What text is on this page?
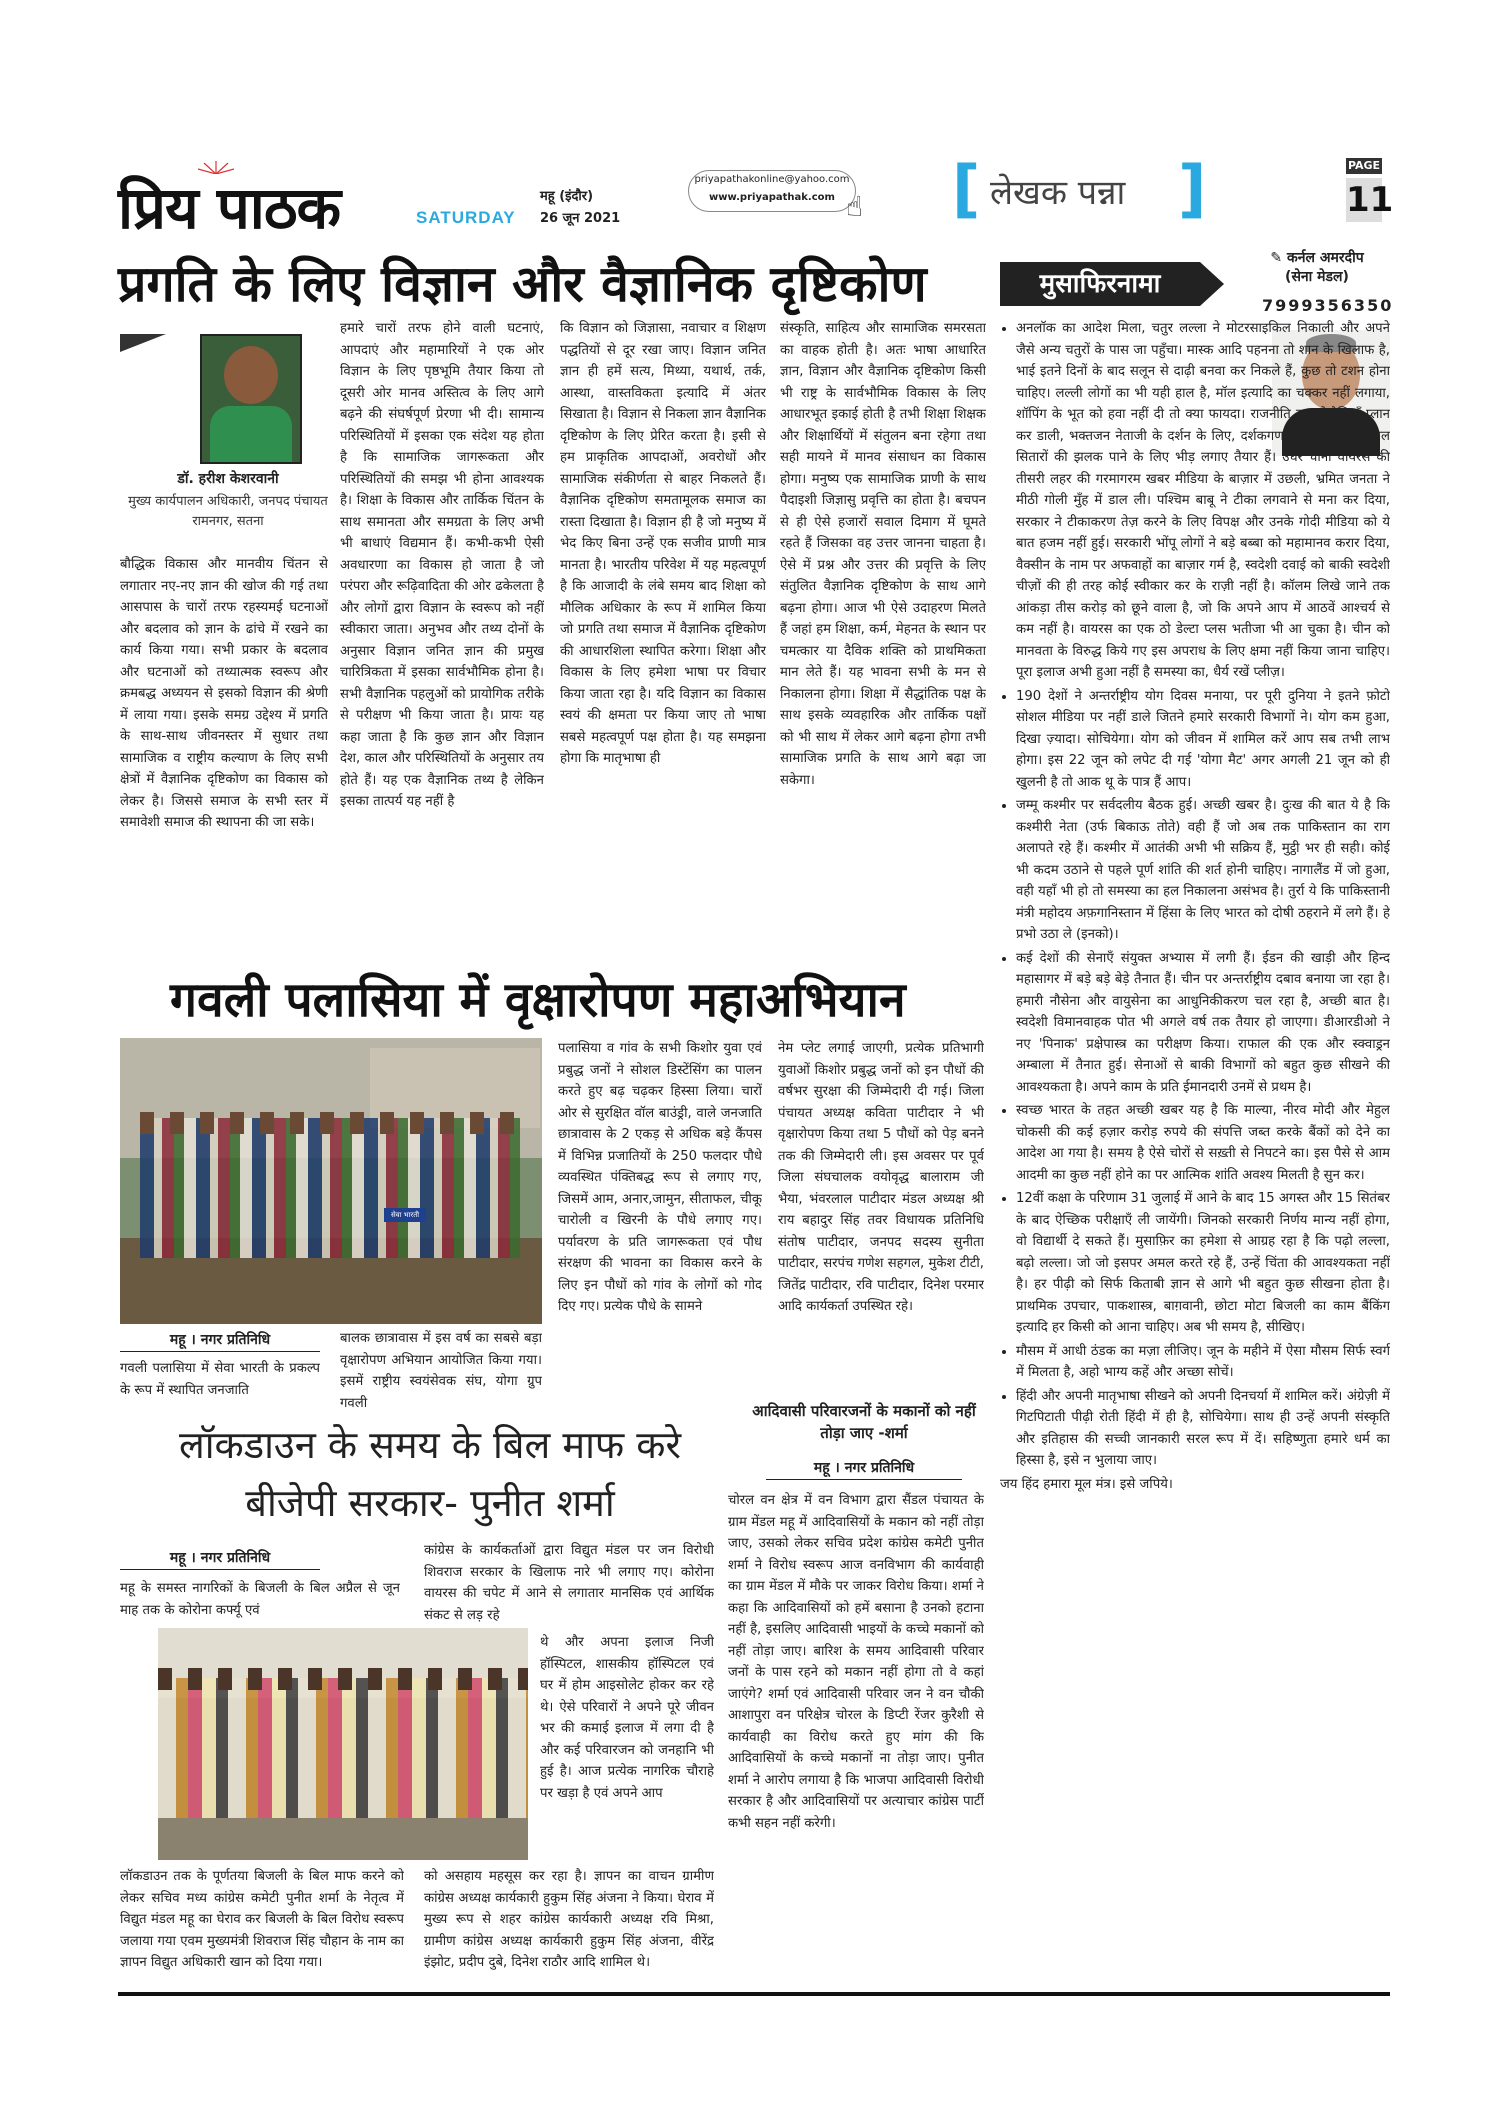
प्रिय पाठक	SATURDAY
महू (इंदौर)
26 जून 2021
priyapathakonline@yahoo.com
www.priyapathak.com ☝ [ लेखक पन्ना ]	PAGE
11
प्रगति के लिए विज्ञान और वैज्ञानिक दृष्टिकोण
डॉ. हरीश केशरवानी
मुख्य कार्यपालन अधिकारी, जनपद पंचायत रामनगर, सतना
बौद्धिक विकास और मानवीय चिंतन से लगातार नए-नए ज्ञान की खोज की गई तथा आसपास के चारों तरफ रहस्यमई घटनाओं और बदलाव को ज्ञान के ढांचे में रखने का कार्य किया गया। सभी प्रकार के बदलाव और घटनाओं को तथ्यात्मक स्वरूप और क्रमबद्ध अध्ययन से इसको विज्ञान की श्रेणी में लाया गया। इसके समग्र उद्देश्य में प्रगति के साथ-साथ जीवनस्तर में सुधार तथा सामाजिक व राष्ट्रीय कल्याण के लिए सभी क्षेत्रों में वैज्ञानिक दृष्टिकोण का विकास को लेकर है। जिससे समाज के सभी स्तर में समावेशी समाज की स्थापना की जा सके।
हमारे चारों तरफ होने वाली घटनाएं, आपदाएं और महामारियों ने एक ओर विज्ञान के लिए पृष्ठभूमि तैयार किया तो दूसरी ओर मानव अस्तित्व के लिए आगे बढ़ने की संघर्षपूर्ण प्रेरणा भी दी। सामान्य परिस्थितियों में इसका एक संदेश यह होता है कि सामाजिक जागरूकता और परिस्थितियों की समझ भी होना आवश्यक है। शिक्षा के विकास और तार्किक चिंतन के साथ समानता और समग्रता के लिए अभी भी बाधाएं विद्यमान हैं। कभी-कभी ऐसी अवधारणा का विकास हो जाता है जो परंपरा और रूढ़िवादिता की ओर ढकेलता है और लोगों द्वारा विज्ञान के स्वरूप को नहीं स्वीकारा जाता। अनुभव और तथ्य दोनों के अनुसार विज्ञान जनित ज्ञान की प्रमुख चारित्रिकता में इसका सार्वभौमिक होना है। सभी वैज्ञानिक पहलुओं को प्रायोगिक तरीके से परीक्षण भी किया जाता है। प्रायः यह कहा जाता है कि कुछ ज्ञान और विज्ञान देश, काल और परिस्थितियों के अनुसार तय होते हैं। यह एक वैज्ञानिक तथ्य है लेकिन इसका तात्पर्य यह नहीं है
कि विज्ञान को जिज्ञासा, नवाचार व शिक्षण पद्धतियों से दूर रखा जाए। विज्ञान जनित ज्ञान ही हमें सत्य, मिथ्या, यथार्थ, तर्क, आस्था, वास्तविकता इत्यादि में अंतर सिखाता है। विज्ञान से निकला ज्ञान वैज्ञानिक दृष्टिकोण के लिए प्रेरित करता है। इसी से हम प्राकृतिक आपदाओं, अवरोधों और सामाजिक संकीर्णता से बाहर निकलते हैं। वैज्ञानिक दृष्टिकोण समतामूलक समाज का रास्ता दिखाता है। विज्ञान ही है जो मनुष्य में भेद किए बिना उन्हें एक सजीव प्राणी मात्र मानता है। भारतीय परिवेश में यह महत्वपूर्ण है कि आजादी के लंबे समय बाद शिक्षा को मौलिक अधिकार के रूप में शामिल किया जो प्रगति तथा समाज में वैज्ञानिक दृष्टिकोण की आधारशिला स्थापित करेगा। शिक्षा और विकास के लिए हमेशा भाषा पर विचार किया जाता रहा है। यदि विज्ञान का विकास स्वयं की क्षमता पर किया जाए तो भाषा सबसे महत्वपूर्ण पक्ष होता है। यह समझना होगा कि मातृभाषा ही
संस्कृति, साहित्य और सामाजिक समरसता का वाहक होती है। अतः भाषा आधारित ज्ञान, विज्ञान और वैज्ञानिक दृष्टिकोण किसी भी राष्ट्र के सार्वभौमिक विकास के लिए आधारभूत इकाई होती है तभी शिक्षा शिक्षक और शिक्षार्थियों में संतुलन बना रहेगा तथा सही मायने में मानव संसाधन का विकास होगा। मनुष्य एक सामाजिक प्राणी के साथ पैदाइशी जिज्ञासु प्रवृत्ति का होता है। बचपन से ही ऐसे हजारों सवाल दिमाग में घूमते रहते हैं जिसका वह उत्तर जानना चाहता है। ऐसे में प्रश्न और उत्तर की प्रवृत्ति के लिए संतुलित वैज्ञानिक दृष्टिकोण के साथ आगे बढ़ना होगा। आज भी ऐसे उदाहरण मिलते हैं जहां हम शिक्षा, कर्म, मेहनत के स्थान पर चमत्कार या दैविक शक्ति को प्राथमिकता मान लेते हैं। यह भावना सभी के मन से निकालना होगा। शिक्षा में सैद्धांतिक पक्ष के साथ इसके व्यवहारिक और तार्किक पक्षों को भी साथ में लेकर आगे बढ़ना होगा तभी सामाजिक प्रगति के साथ आगे बढ़ा जा सकेगा।
गवली पलासिया में वृक्षारोपण महाअभियान
सेवा भारती
महू । नगर प्रतिनिधि
गवली पलासिया में सेवा भारती के प्रकल्प के रूप में स्थापित जनजाति
बालक छात्रावास में इस वर्ष का सबसे बड़ा वृक्षारोपण अभियान आयोजित किया गया। इसमें राष्ट्रीय स्वयंसेवक संघ, योगा ग्रुप गवली
पलासिया व गांव के सभी किशोर युवा एवं प्रबुद्ध जनों ने सोशल डिस्टेंसिंग का पालन करते हुए बढ़ चढ़कर हिस्सा लिया। चारों ओर से सुरक्षित वॉल बाउंड्री, वाले जनजाति छात्रावास के 2 एकड़ से अधिक बड़े कैंपस में विभिन्न प्रजातियों के 250 फलदार पौधे व्यवस्थित पंक्तिबद्ध रूप से लगाए गए, जिसमें आम, अनार,जामुन, सीताफल, चीकू चारोली व खिरनी के पौधे लगाए गए। पर्यावरण के प्रति जागरूकता एवं पौध संरक्षण की भावना का विकास करने के लिए इन पौधों को गांव के लोगों को गोद दिए गए। प्रत्येक पौधे के सामने
नेम प्लेट लगाई जाएगी, प्रत्येक प्रतिभागी युवाओं किशोर प्रबुद्ध जनों को इन पौधों की वर्षभर सुरक्षा की जिम्मेदारी दी गई। जिला पंचायत अध्यक्ष कविता पाटीदार ने भी वृक्षारोपण किया तथा 5 पौधों को पेड़ बनने तक की जिम्मेदारी ली। इस अवसर पर पूर्व जिला संघचालक वयोवृद्ध बालाराम जी भैया, भंवरलाल पाटीदार मंडल अध्यक्ष श्री राय बहादुर सिंह तवर विधायक प्रतिनिधि संतोष पाटीदार, जनपद सदस्य सुनीता पाटीदार, सरपंच गणेश सहगल, मुकेश टीटी, जितेंद्र पाटीदार, रवि पाटीदार, दिनेश परमार आदि कार्यकर्ता उपस्थित रहे।
लॉकडाउन के समय के बिल माफ करे
बीजेपी सरकार- पुनीत शर्मा
महू । नगर प्रतिनिधि
महू के समस्त नागरिकों के बिजली के बिल अप्रैल से जून माह तक के कोरोना कर्फ्यू एवं
कांग्रेस के कार्यकर्ताओं द्वारा विद्युत मंडल पर जन विरोधी शिवराज सरकार के खिलाफ नारे भी लगाए गए। कोरोना वायरस की चपेट में आने से लगातार मानसिक एवं आर्थिक संकट से लड़ रहे
थे और अपना इलाज निजी हॉस्पिटल, शासकीय हॉस्पिटल एवं घर में होम आइसोलेट होकर कर रहे थे। ऐसे परिवारों ने अपने पूरे जीवन भर की कमाई इलाज में लगा दी है और कई परिवारजन को जनहानि भी हुई है। आज प्रत्येक नागरिक चौराहे पर खड़ा है एवं अपने आप
लॉकडाउन तक के पूर्णतया बिजली के बिल माफ करने को लेकर सचिव मध्य कांग्रेस कमेटी पुनीत शर्मा के नेतृत्व में विद्युत मंडल महू का घेराव कर बिजली के बिल विरोध स्वरूप जलाया गया एवम मुख्यमंत्री शिवराज सिंह चौहान के नाम का ज्ञापन विद्युत अधिकारी खान को दिया गया।
को असहाय महसूस कर रहा है। ज्ञापन का वाचन ग्रामीण कांग्रेस अध्यक्ष कार्यकारी हुकुम सिंह अंजना ने किया। घेराव में मुख्य रूप से शहर कांग्रेस कार्यकारी अध्यक्ष रवि मिश्रा, ग्रामीण कांग्रेस अध्यक्ष कार्यकारी हुकुम सिंह अंजना, वीरेंद्र इंझोट, प्रदीप दुबे, दिनेश राठौर आदि शामिल थे।
आदिवासी परिवारजनों के मकानों को नहीं तोड़ा जाए -शर्मा
महू । नगर प्रतिनिधि
चोरल वन क्षेत्र में वन विभाग द्वारा सैंडल पंचायत के ग्राम मेंडल महू में आदिवासियों के मकान को नहीं तोड़ा जाए, उसको लेकर सचिव प्रदेश कांग्रेस कमेटी पुनीत शर्मा ने विरोध स्वरूप आज वनविभाग की कार्यवाही का ग्राम मेंडल में मौके पर जाकर विरोध किया। शर्मा ने कहा कि आदिवासियों को हमें बसाना है उनको हटाना नहीं है, इसलिए आदिवासी भाइयों के कच्चे मकानों को नहीं तोड़ा जाए। बारिश के समय आदिवासी परिवार जनों के पास रहने को मकान नहीं होगा तो वे कहां जाएंगे? शर्मा एवं आदिवासी परिवार जन ने वन चौकी आशापुरा वन परिक्षेत्र चोरल के डिप्टी रेंजर कुरैशी से कार्यवाही का विरोध करते हुए मांग की कि आदिवासियों के कच्चे मकानों ना तोड़ा जाए। पुनीत शर्मा ने आरोप लगाया है कि भाजपा आदिवासी विरोधी सरकार है और आदिवासियों पर अत्याचार कांग्रेस पार्टी कभी सहन नहीं करेगी।
मुसाफिरनामा
✎ कर्नल अमरदीप
(सेना मेडल)
7999356350
• अनलॉक का आदेश मिला, चतुर लल्ला ने मोटरसाइकिल निकाली और अपने जैसे अन्य चतुरों के पास जा पहुँचा। मास्क आदि पहनना तो शान के खिलाफ है, भाई इतने दिनों के बाद सलून से दाढ़ी बनवा कर निकले हैं, कुछ तो टशन होना चाहिए। लल्ली लोगों का भी यही हाल है, मॉल इत्यादि का चक्कर नहीं लगाया, शॉपिंग के भूत को हवा नहीं दी तो क्या फायदा। राजनीति बाबू ने रैलियाँ प्लान कर डाली, भक्तजन नेताजी के दर्शन के लिए, दर्शकगण बॉलीवुड के झिलमिल सितारों की झलक पाने के लिए भीड़ लगाए तैयार हैं। उधर चीनी वायरस की तीसरी लहर की गरमागरम खबर मीडिया के बाज़ार में उछली, भ्रमित जनता ने मीठी गोली मुँह में डाल ली। पश्चिम बाबू ने टीका लगवाने से मना कर दिया, सरकार ने टीकाकरण तेज़ करने के लिए विपक्ष और उनके गोदी मीडिया को ये बात हजम नहीं हुई। सरकारी भोंपू लोगों ने बड़े बब्बा को महामानव करार दिया, वैक्सीन के नाम पर अफवाहों का बाज़ार गर्म है, स्वदेशी दवाई को बाकी स्वदेशी चीज़ों की ही तरह कोई स्वीकार कर के राज़ी नहीं है। कॉलम लिखे जाने तक आंकड़ा तीस करोड़ को छूने वाला है, जो कि अपने आप में आठवें आश्चर्य से कम नहीं है। वायरस का एक ठो डेल्टा प्लस भतीजा भी आ चुका है। चीन को मानवता के विरुद्ध किये गए इस अपराध के लिए क्षमा नहीं किया जाना चाहिए। पूरा इलाज अभी हुआ नहीं है समस्या का, धैर्य रखें प्लीज़।
• 190 देशों ने अन्तर्राष्ट्रीय योग दिवस मनाया, पर पूरी दुनिया ने इतने फ़ोटो सोशल मीडिया पर नहीं डाले जितने हमारे सरकारी विभागों ने। योग कम हुआ, दिखा ज़्यादा। सोचियेगा। योग को जीवन में शामिल करें आप सब तभी लाभ होगा। इस 22 जून को लपेट दी गई 'योगा मैट' अगर अगली 21 जून को ही खुलनी है तो आक थू के पात्र हैं आप।
• जम्मू कश्मीर पर सर्वदलीय बैठक हुई। अच्छी खबर है। दुःख की बात ये है कि कश्मीरी नेता (उर्फ बिकाऊ तोते) वही हैं जो अब तक पाकिस्तान का राग अलापते रहे हैं। कश्मीर में आतंकी अभी भी सक्रिय हैं, मुट्ठी भर ही सही। कोई भी कदम उठाने से पहले पूर्ण शांति की शर्त होनी चाहिए। नागालैंड में जो हुआ, वही यहाँ भी हो तो समस्या का हल निकालना असंभव है। तुर्रा ये कि पाकिस्तानी मंत्री महोदय अफ़गानिस्तान में हिंसा के लिए भारत को दोषी ठहराने में लगे हैं। हे प्रभो उठा ले (इनको)।
• कई देशों की सेनाएँ संयुक्त अभ्यास में लगी हैं। ईडन की खाड़ी और हिन्द महासागर में बड़े बड़े बेड़े तैनात हैं। चीन पर अन्तर्राष्ट्रीय दबाव बनाया जा रहा है। हमारी नौसेना और वायुसेना का आधुनिकीकरण चल रहा है, अच्छी बात है। स्वदेशी विमानवाहक पोत भी अगले वर्ष तक तैयार हो जाएगा। डीआरडीओ ने नए 'पिनाक' प्रक्षेपास्त्र का परीक्षण किया। राफाल की एक और स्क्वाड्रन अम्बाला में तैनात हुई। सेनाओं से बाकी विभागों को बहुत कुछ सीखने की आवश्यकता है। अपने काम के प्रति ईमानदारी उनमें से प्रथम है।
• स्वच्छ भारत के तहत अच्छी खबर यह है कि माल्या, नीरव मोदी और मेहुल चोकसी की कई हज़ार करोड़ रुपये की संपत्ति जब्त करके बैंकों को देने का आदेश आ गया है। समय है ऐसे चोरों से सख़्ती से निपटने का। इस पैसे से आम आदमी का कुछ नहीं होने का पर आत्मिक शांति अवश्य मिलती है सुन कर।
• 12वीं कक्षा के परिणाम 31 जुलाई में आने के बाद 15 अगस्त और 15 सितंबर के बाद ऐच्छिक परीक्षाएँ ली जायेंगी। जिनको सरकारी निर्णय मान्य नहीं होगा, वो विद्यार्थी दे सकते हैं। मुसाफ़िर का हमेशा से आग्रह रहा है कि पढ़ो लल्ला, बढ़ो लल्ला। जो जो इसपर अमल करते रहे हैं, उन्हें चिंता की आवश्यकता नहीं है। हर पीढ़ी को सिर्फ किताबी ज्ञान से आगे भी बहुत कुछ सीखना होता है। प्राथमिक उपचार, पाकशास्त्र, बाग़वानी, छोटा मोटा बिजली का काम बैंकिंग इत्यादि हर किसी को आना चाहिए। अब भी समय है, सीखिए।
• मौसम में आधी ठंडक का मज़ा लीजिए। जून के महीने में ऐसा मौसम सिर्फ स्वर्ग में मिलता है, अहो भाग्य कहें और अच्छा सोचें।
• हिंदी और अपनी मातृभाषा सीखने को अपनी दिनचर्या में शामिल करें। अंग्रेज़ी में गिटपिटाती पीढ़ी रोती हिंदी में ही है, सोचियेगा। साथ ही उन्हें अपनी संस्कृति और इतिहास की सच्ची जानकारी सरल रूप में दें। सहिष्णुता हमारे धर्म का हिस्सा है, इसे न भुलाया जाए।
जय हिंद हमारा मूल मंत्र। इसे जपिये।
